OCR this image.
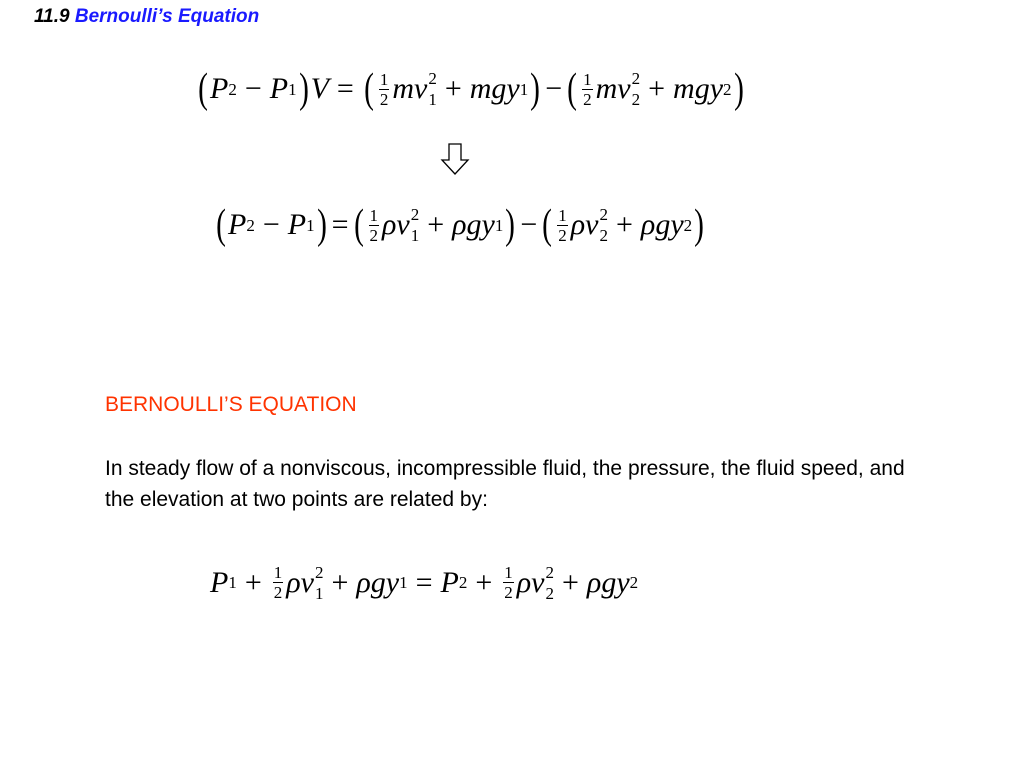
11.9 Bernoulli’s Equation
( P 2 − P 1 ) V = ( $\frac{1}{2}$ mv 2
1 + mgy 1 ) − ( $\frac{1}{2}$ mv 2
2 + mgy 2 )
( P 2 − P 1 ) = ( $\frac{1}{2}$ ρv 2
1 + ρgy 1 ) − ( $\frac{1}{2}$ ρv 2
2 + ρgy 2 )
BERNOULLI’S EQUATION
In steady flow of a nonviscous, incompressible fluid, the pressure, the fluid speed, and the elevation at two points are related by:
P $1 + \frac{1}{2}$ ρv 2
1 + ρgy 1 = P $2 + \frac{1}{2}$ ρv 2
2 + ρgy 2
